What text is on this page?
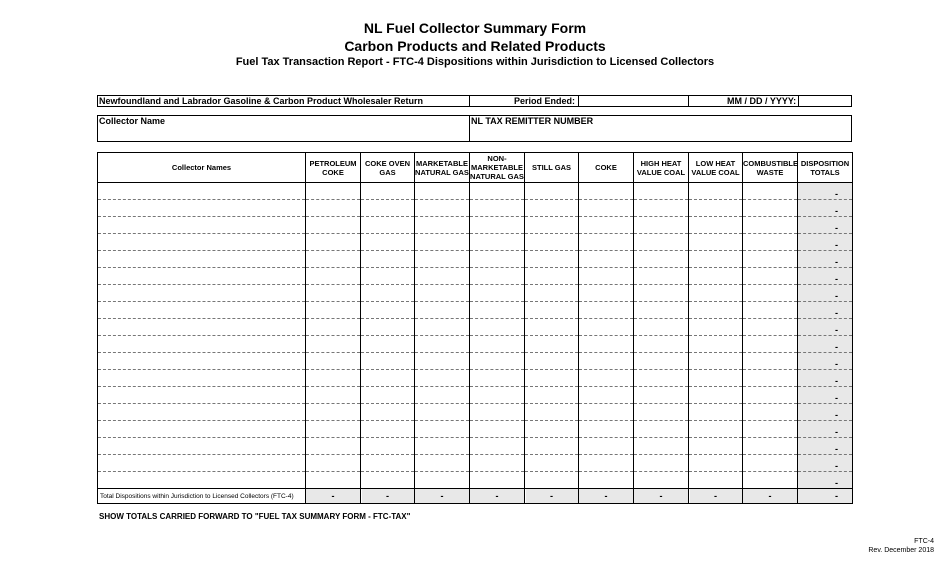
NL Fuel Collector Summary Form
Carbon Products and Related Products
Fuel Tax Transaction Report - FTC-4 Dispositions within Jurisdiction to Licensed Collectors
Newfoundland and Labrador Gasoline & Carbon Product Wholesaler Return	Period Ended:	MM / DD / YYYY:
Collector Name	NL TAX REMITTER NUMBER
Collector Names	PETROLEUM COKE	COKE OVEN GAS	MARKETABLE NATURAL GAS	NON-MARKETABLE NATURAL GAS	STILL GAS	COKE	HIGH HEAT VALUE COAL	LOW HEAT VALUE COAL	COMBUSTIBLE WASTE	DISPOSITION TOTALS
										-
										-
										-
										-
										-
										-
										-
										-
										-
										-
										-
										-
										-
										-
										-
										-
										-
										-
Total Dispositions within Jurisdiction to Licensed Collectors (FTC-4)	-	-	-	-	-	-	-	-	-	-
SHOW TOTALS CARRIED FORWARD TO "FUEL TAX SUMMARY FORM - FTC-TAX"
FTC-4
Rev. December 2018
